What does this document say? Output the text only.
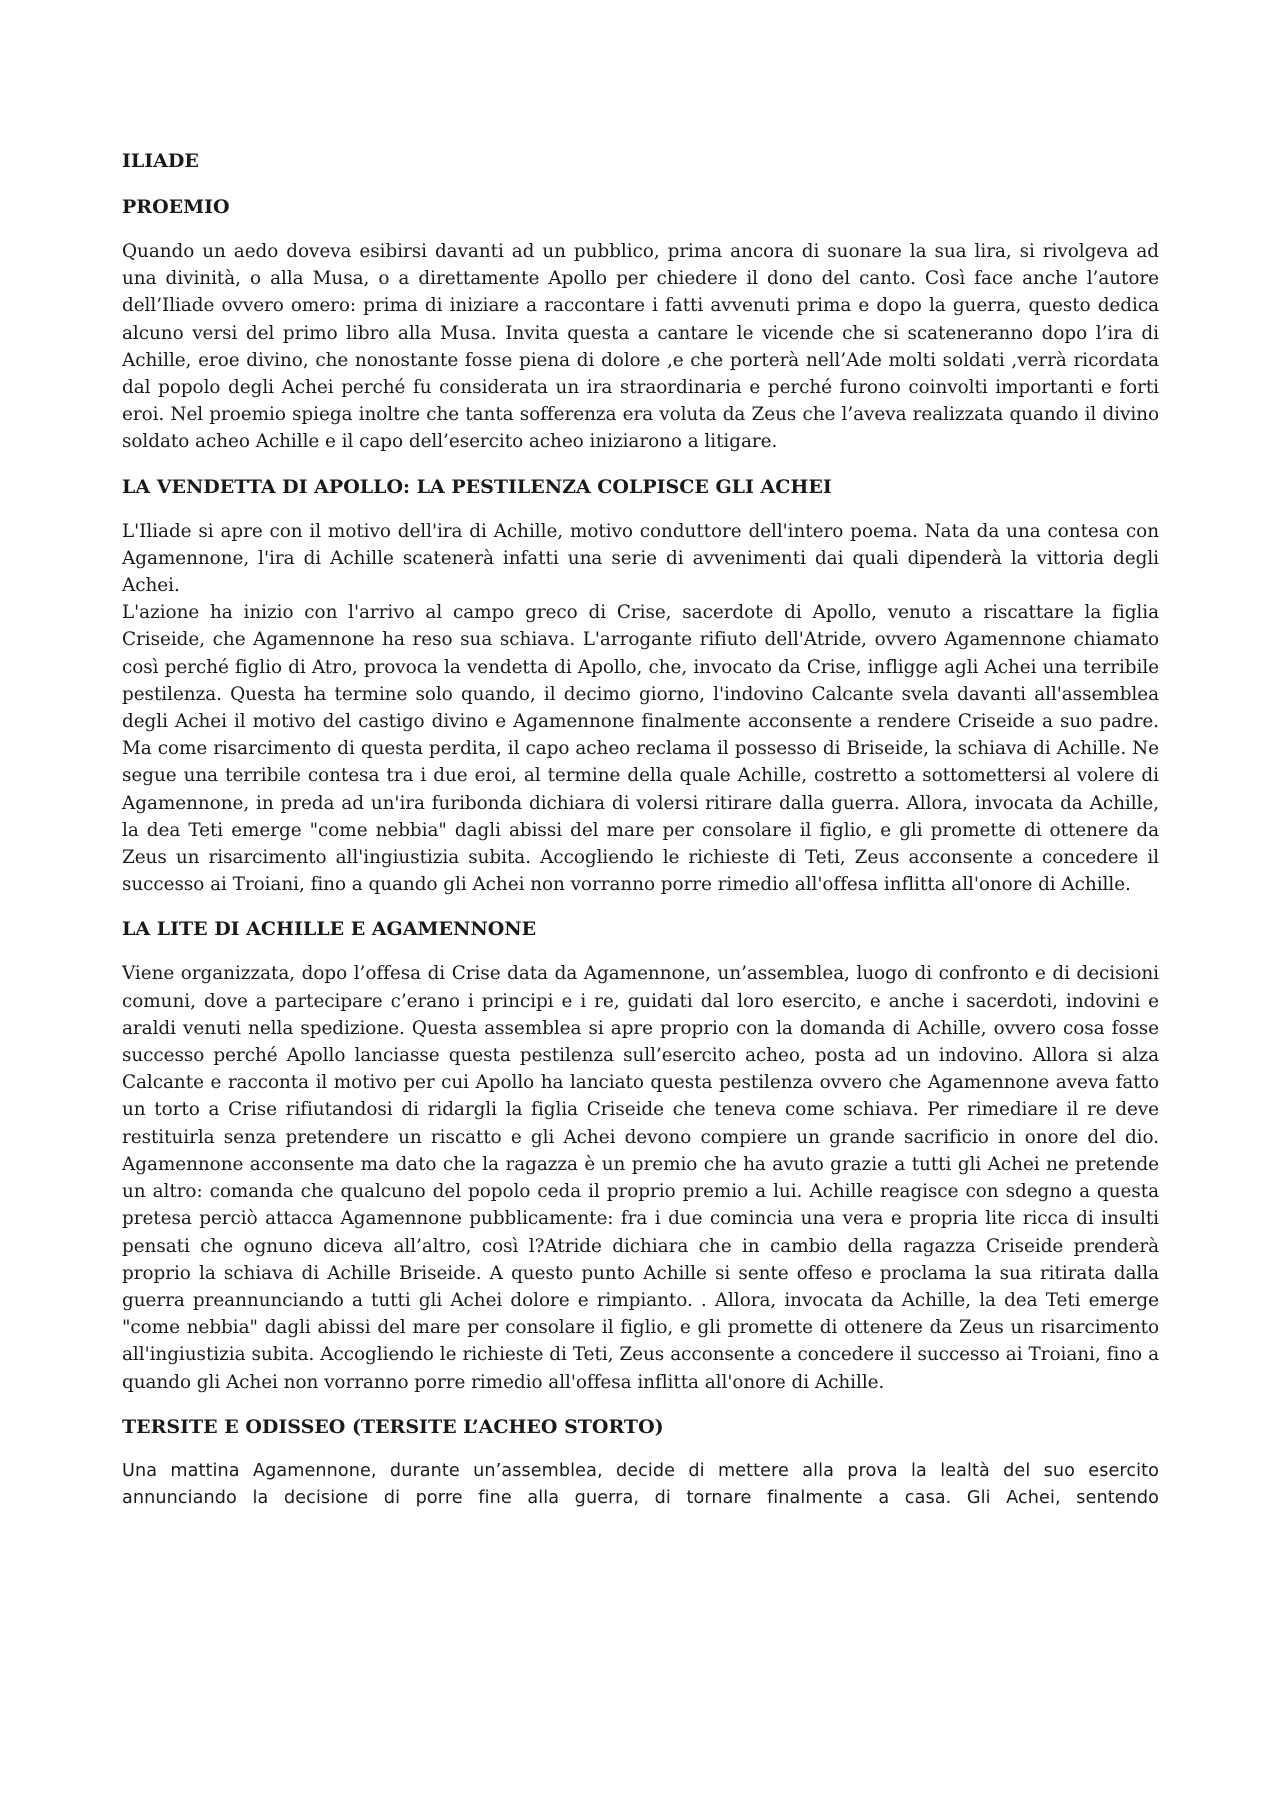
ILIADE
PROEMIO

Quando un aedo doveva esibirsi davanti ad un pubblico, prima ancora di suonare la sua lira, si rivolgeva ad una divinità, o alla Musa, o a direttamente Apollo per chiedere il dono del canto. Così face anche l’autore dell’Iliade ovvero omero: prima di iniziare a raccontare i fatti avvenuti prima e dopo la guerra, questo dedica alcuno versi del primo libro alla Musa. Invita questa a cantare le vicende che si scateneranno dopo l’ira di Achille, eroe divino, che nonostante fosse piena di dolore ,e che porterà nell’Ade molti soldati ,verrà ricordata dal popolo degli Achei perché fu considerata un ira straordinaria e perché furono coinvolti importanti e forti eroi. Nel proemio spiega inoltre che tanta sofferenza era voluta da Zeus che l’aveva realizzata quando il divino soldato acheo Achille e il capo dell’esercito acheo iniziarono a litigare.

LA VENDETTA DI APOLLO: LA PESTILENZA COLPISCE GLI ACHEI

L'Iliade si apre con il motivo dell'ira di Achille, motivo conduttore dell'intero poema. Nata da una contesa con Agamennone, l'ira di Achille scatenerà infatti una serie di avvenimenti dai quali dipenderà la vittoria degli Achei.
L'azione ha inizio con l'arrivo al campo greco di Crise, sacerdote di Apollo, venuto a riscattare la figlia Criseide, che Agamennone ha reso sua schiava. L'arrogante rifiuto dell'Atride, ovvero Agamennone chiamato così perché figlio di Atro, provoca la vendetta di Apollo, che, invocato da Crise, infligge agli Achei una terribile pestilenza. Questa ha termine solo quando, il decimo giorno, l'indovino Calcante svela davanti all'assemblea degli Achei il motivo del castigo divino e Agamennone finalmente acconsente a rendere Criseide a suo padre. Ma come risarcimento di questa perdita, il capo acheo reclama il possesso di Briseide, la schiava di Achille. Ne segue una terribile contesa tra i due eroi, al termine della quale Achille, costretto a sottomettersi al volere di Agamennone, in preda ad un'ira furibonda dichiara di volersi ritirare dalla guerra. Allora, invocata da Achille, la dea Teti emerge "come nebbia" dagli abissi del mare per consolare il figlio, e gli promette di ottenere da Zeus un risarcimento all'ingiustizia subita. Accogliendo le richieste di Teti, Zeus acconsente a concedere il successo ai Troiani, fino a quando gli Achei non vorranno porre rimedio all'offesa inflitta all'onore di Achille.

LA LITE DI ACHILLE E AGAMENNONE

Viene organizzata, dopo l’offesa di Crise data da Agamennone, un’assemblea, luogo di confronto e di decisioni comuni, dove a partecipare c’erano i principi e i re, guidati dal loro esercito, e anche i sacerdoti, indovini e araldi venuti nella spedizione. Questa assemblea si apre proprio con la domanda di Achille, ovvero cosa fosse successo perché Apollo lanciasse questa pestilenza sull’esercito acheo, posta ad un indovino. Allora si alza Calcante e racconta il motivo per cui Apollo ha lanciato questa pestilenza ovvero che Agamennone aveva fatto un torto a Crise rifiutandosi di ridargli la figlia Criseide che teneva come schiava. Per rimediare il re deve restituirla senza pretendere un riscatto e gli Achei devono compiere un grande sacrificio in onore del dio. Agamennone acconsente ma dato che la ragazza è un premio che ha avuto grazie a tutti gli Achei ne pretende un altro: comanda che qualcuno del popolo ceda il proprio premio a lui. Achille reagisce con sdegno a questa pretesa perciò attacca Agamennone pubblicamente: fra i due comincia una vera e propria lite ricca di insulti pensati che ognuno diceva all’altro, così l?Atride dichiara che in cambio della ragazza Criseide prenderà proprio la schiava di Achille Briseide. A questo punto Achille si sente offeso e proclama la sua ritirata dalla guerra preannunciando a tutti gli Achei dolore e rimpianto. . Allora, invocata da Achille, la dea Teti emerge "come nebbia" dagli abissi del mare per consolare il figlio, e gli promette di ottenere da Zeus un risarcimento all'ingiustizia subita. Accogliendo le richieste di Teti, Zeus acconsente a concedere il successo ai Troiani, fino a quando gli Achei non vorranno porre rimedio all'offesa inflitta all'onore di Achille.

TERSITE E ODISSEO (TERSITE L’ACHEO STORTO)

Una mattina Agamennone, durante un’assemblea, decide di mettere alla prova la lealtà del suo esercito annunciando la decisione di porre fine alla guerra, di tornare finalmente a casa. Gli Achei, sentendo
